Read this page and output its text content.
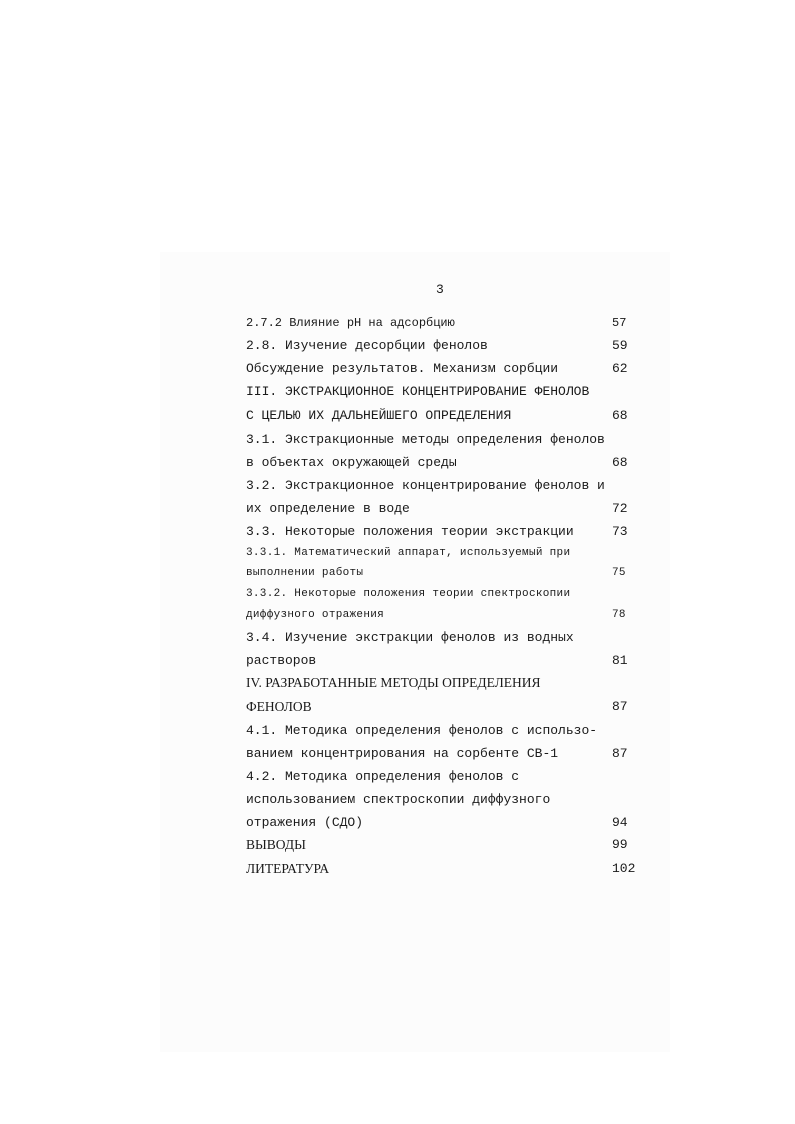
3
2.7.2 Влияние рН на адсорбцию	57
2.8. Изучение десорбции фенолов	59
Обсуждение результатов. Механизм сорбции	62
III. ЭКСТРАКЦИОННОЕ КОНЦЕНТРИРОВАНИЕ ФЕНОЛОВ
С ЦЕЛЬЮ ИХ ДАЛЬНЕЙШЕГО ОПРЕДЕЛЕНИЯ	68
3.1. Экстракционные методы определения фенолов
в объектах окружающей среды	68
3.2. Экстракционное концентрирование фенолов и
их определение в воде	72
3.3. Некоторые положения теории экстракции	73
3.3.1. Математический аппарат, используемый при
выполнении работы	75
3.3.2. Некоторые положения теории спектроскопии
диффузного отражения	78
3.4. Изучение экстракции фенолов из водных
растворов	81
IV. РАЗРАБОТАННЫЕ МЕТОДЫ ОПРЕДЕЛЕНИЯ
ФЕНОЛОВ	87
4.1. Методика определения фенолов с использо-
ванием концентрирования на сорбенте СВ-1	87
4.2. Методика определения фенолов с
использованием спектроскопии диффузного
отражения (СДО)	94
ВЫВОДЫ	99
ЛИТЕРАТУРА	102
